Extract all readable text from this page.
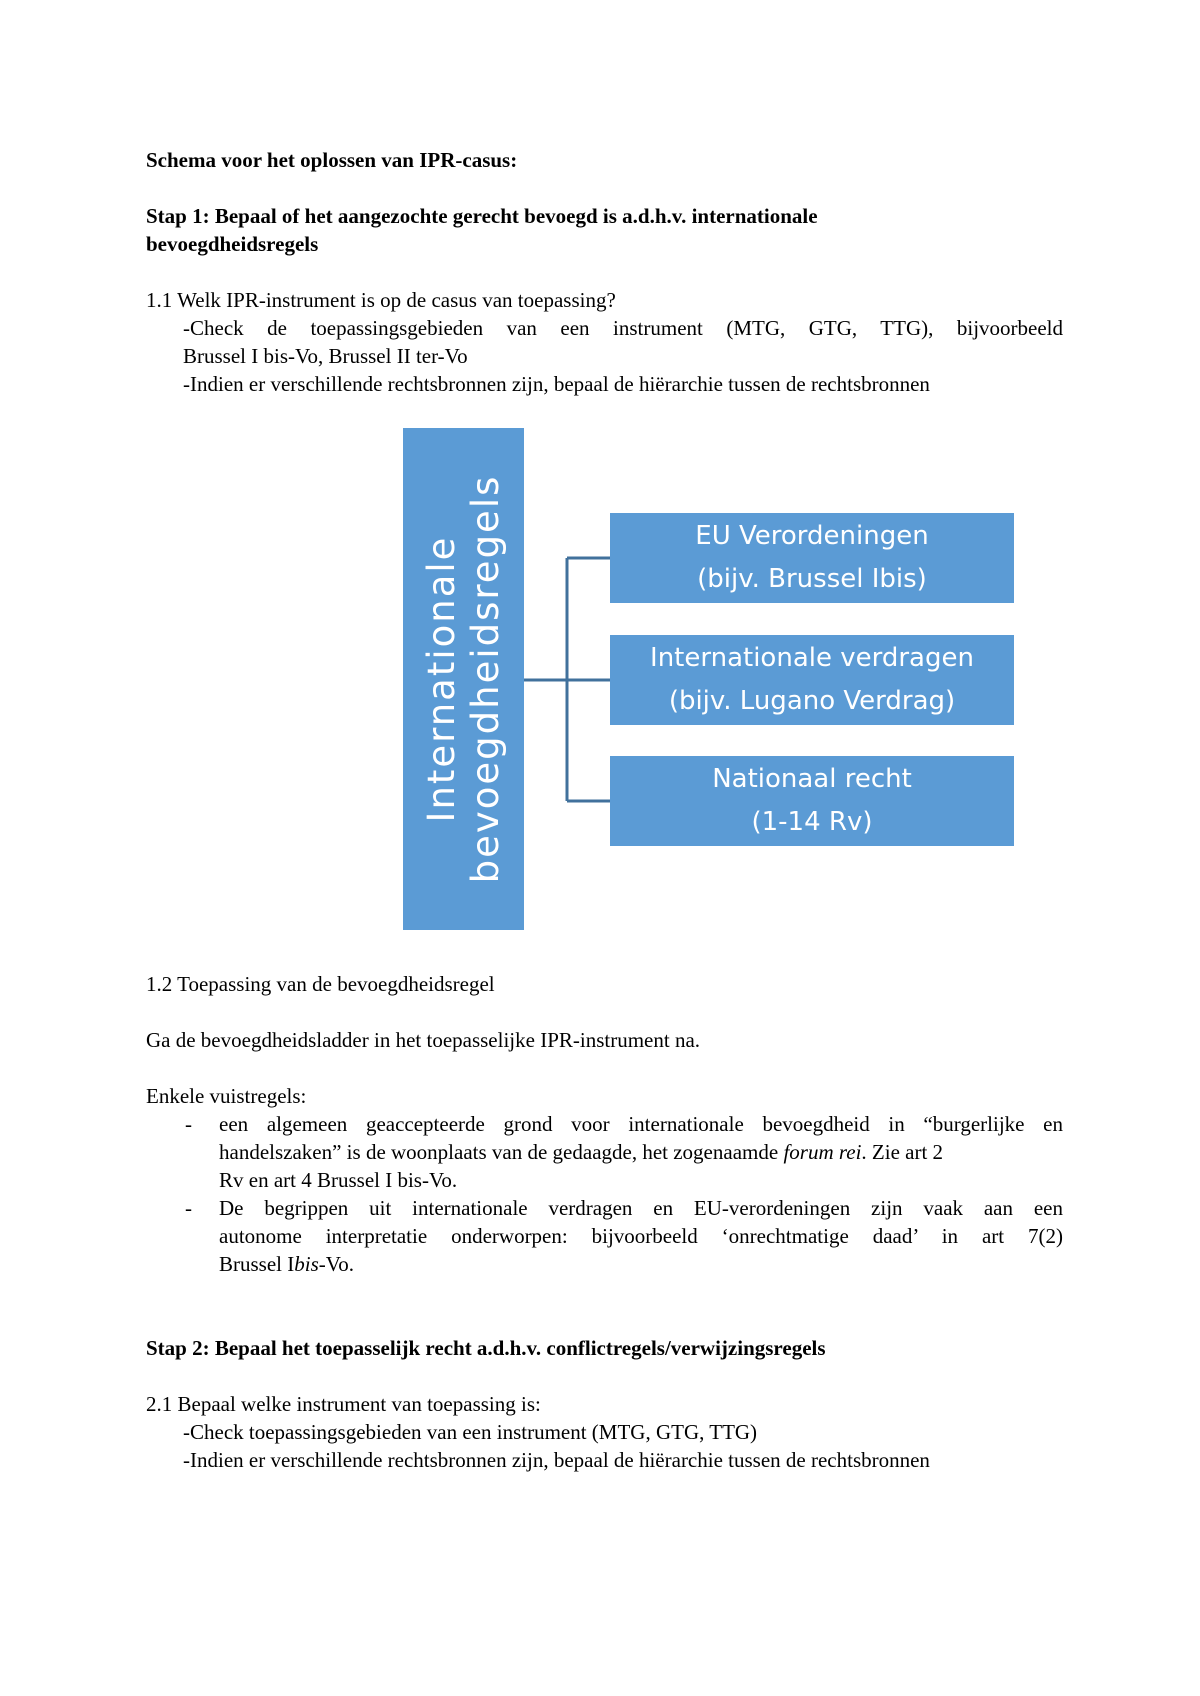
Schema voor het oplossen van IPR-casus:
Stap 1: Bepaal of het aangezochte gerecht bevoegd is a.d.h.v. internationale
bevoegdheidsregels
1.1 Welk IPR-instrument is op de casus van toepassing?
-Check de toepassingsgebieden van een instrument (MTG, GTG, TTG), bijvoorbeeld
Brussel I bis-Vo, Brussel II ter-Vo
-Indien er verschillende rechtsbronnen zijn, bepaal de hiërarchie tussen de rechtsbronnen
Internationale bevoegdheidsregels	EU Verordeningen
(bijv. Brussel Ibis)
Internationale verdragen
(bijv. Lugano Verdrag)
Nationaal recht
(1-14 Rv)
1.2 Toepassing van de bevoegdheidsregel
Ga de bevoegdheidsladder in het toepasselijke IPR-instrument na.
Enkele vuistregels:
- een algemeen geaccepteerde grond voor internationale bevoegdheid in “burgerlijke en
handelszaken” is de woonplaats van de gedaagde, het zogenaamde forum rei. Zie art 2
Rv en art 4 Brussel I bis-Vo.
- De begrippen uit internationale verdragen en EU-verordeningen zijn vaak aan een
autonome interpretatie onderworpen: bijvoorbeeld ‘onrechtmatige daad’ in art 7(2)
Brussel Ibis-Vo.
Stap 2: Bepaal het toepasselijk recht a.d.h.v. conflictregels/verwijzingsregels
2.1 Bepaal welke instrument van toepassing is:
-Check toepassingsgebieden van een instrument (MTG, GTG, TTG)
-Indien er verschillende rechtsbronnen zijn, bepaal de hiërarchie tussen de rechtsbronnen
